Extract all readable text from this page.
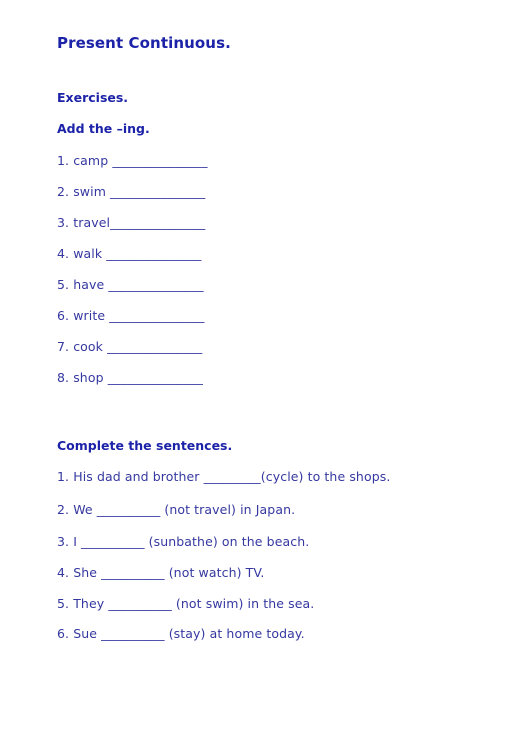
Present Continuous.
Exercises.
Add the –ing.
1. camp _______________
2. swim _______________
3. travel_______________
4. walk _______________
5. have _______________
6. write _______________
7. cook _______________
8. shop _______________
Complete the sentences.
1. His dad and brother _________(cycle) to the shops.
2. We __________ (not travel) in Japan.
3. I __________ (sunbathe) on the beach.
4. She __________ (not watch) TV.
5. They __________ (not swim) in the sea.
6. Sue __________ (stay) at home today.
